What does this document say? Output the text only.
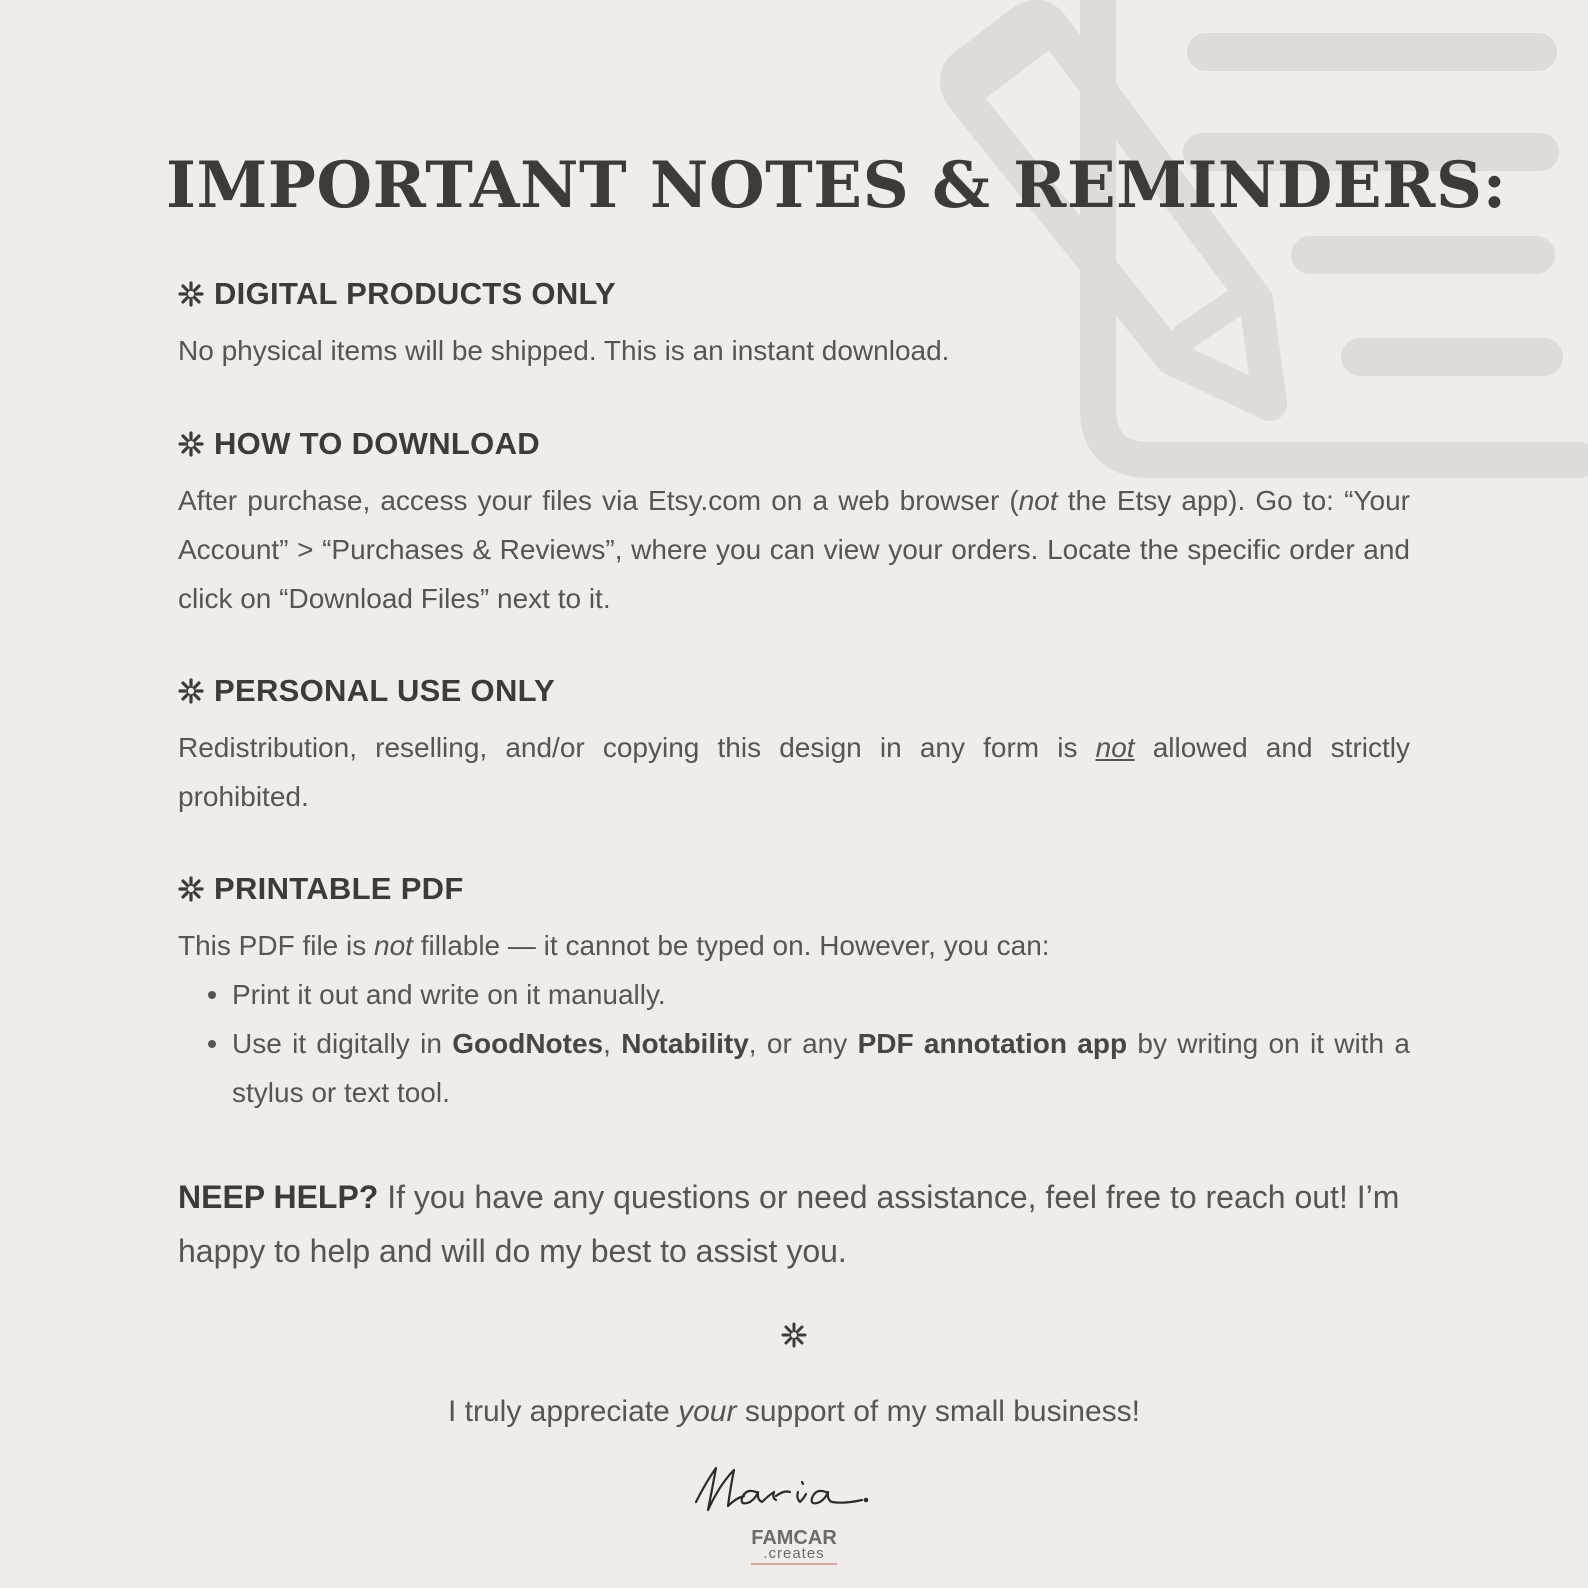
IMPORTANT NOTES & REMINDERS:
DIGITAL PRODUCTS ONLY

No physical items will be shipped. This is an instant download.

HOW TO DOWNLOAD

After purchase, access your files via Etsy.com on a web browser (not the Etsy app). Go to: “Your Account” > “Purchases & Reviews”, where you can view your orders. Locate the specific order and click on “Download Files” next to it.

PERSONAL USE ONLY

Redistribution, reselling, and/or copying this design in any form is not allowed and strictly prohibited.

PRINTABLE PDF

This PDF file is not fillable — it cannot be typed on. However, you can:

Print it out and write on it manually.
Use it digitally in GoodNotes, Notability, or any PDF annotation app by writing on it with a stylus or text tool.

NEEP HELP? If you have any questions or need assistance, feel free to reach out! I’m happy to help and will do my best to assist you.

I truly appreciate your support of my small business!

FAMCAR
.creates
